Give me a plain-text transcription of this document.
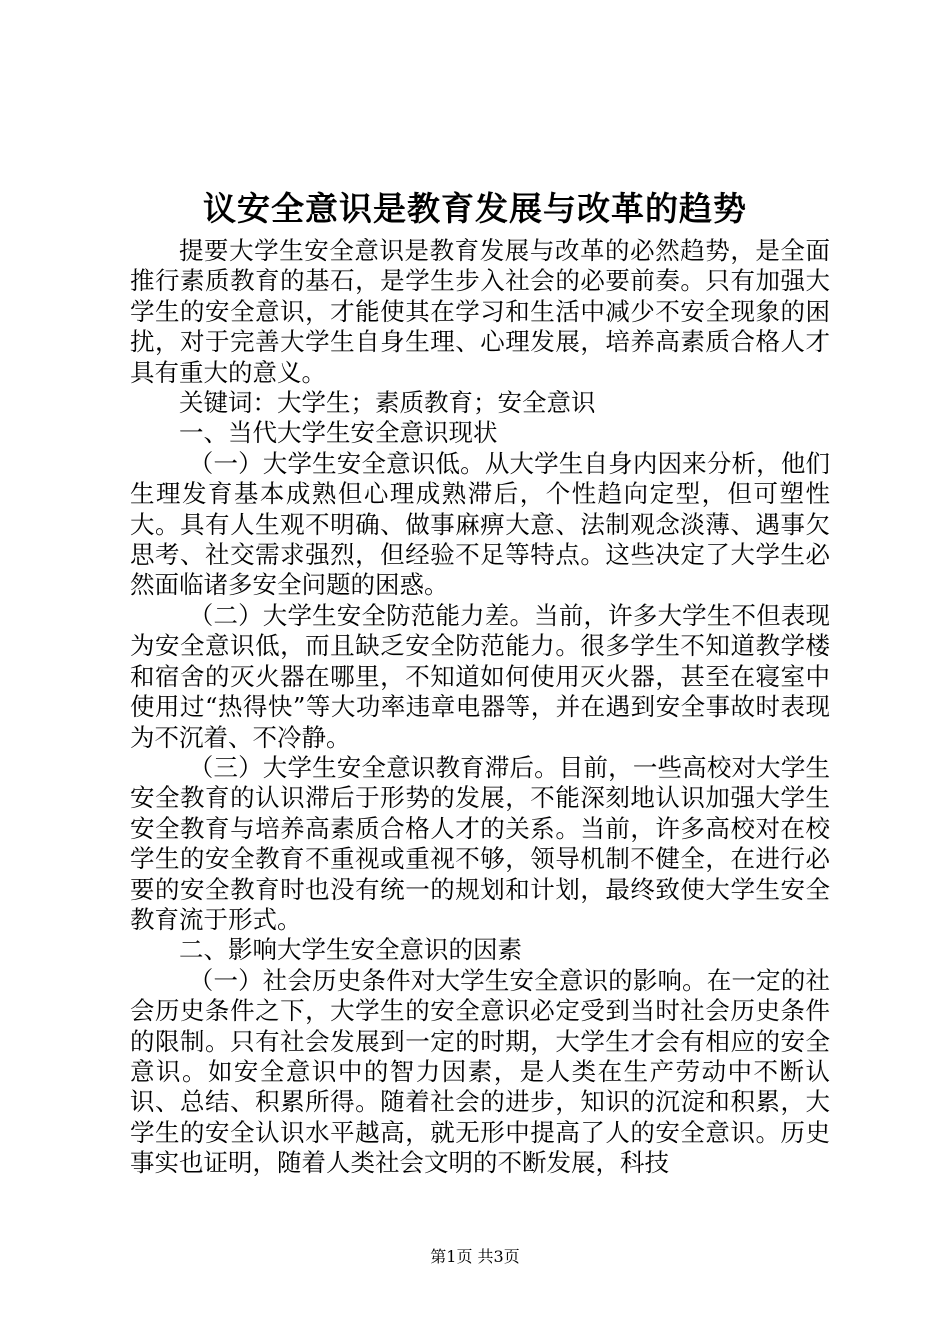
议安全意识是教育发展与改革的趋势

提要大学生安全意识是教育发展与改革的必然趋势，是全面推行素质教育的基石，是学生步入社会的必要前奏。只有加强大学生的安全意识，才能使其在学习和生活中减少不安全现象的困扰，对于完善大学生自身生理、心理发展，培养高素质合格人才具有重大的意义。

关键词：大学生；素质教育；安全意识

一、当代大学生安全意识现状

（一）大学生安全意识低。从大学生自身内因来分析，他们生理发育基本成熟但心理成熟滞后，个性趋向定型，但可塑性大。具有人生观不明确、做事麻痹大意、法制观念淡薄、遇事欠思考、社交需求强烈，但经验不足等特点。这些决定了大学生必然面临诸多安全问题的困惑。

（二）大学生安全防范能力差。当前，许多大学生不但表现为安全意识低，而且缺乏安全防范能力。很多学生不知道教学楼和宿舍的灭火器在哪里，不知道如何使用灭火器，甚至在寝室中使用过“热得快”等大功率违章电器等，并在遇到安全事故时表现为不沉着、不冷静。

（三）大学生安全意识教育滞后。目前，一些高校对大学生安全教育的认识滞后于形势的发展，不能深刻地认识加强大学生安全教育与培养高素质合格人才的关系。当前，许多高校对在校学生的安全教育不重视或重视不够，领导机制不健全，在进行必要的安全教育时也没有统一的规划和计划，最终致使大学生安全教育流于形式。

二、影响大学生安全意识的因素

（一）社会历史条件对大学生安全意识的影响。在一定的社会历史条件之下，大学生的安全意识必定受到当时社会历史条件的限制。只有社会发展到一定的时期，大学生才会有相应的安全意识。如安全意识中的智力因素，是人类在生产劳动中不断认识、总结、积累所得。随着社会的进步，知识的沉淀和积累，大学生的安全认识水平越高，就无形中提高了人的安全意识。历史事实也证明，随着人类社会文明的不断发展，科技

第1页 共3页
